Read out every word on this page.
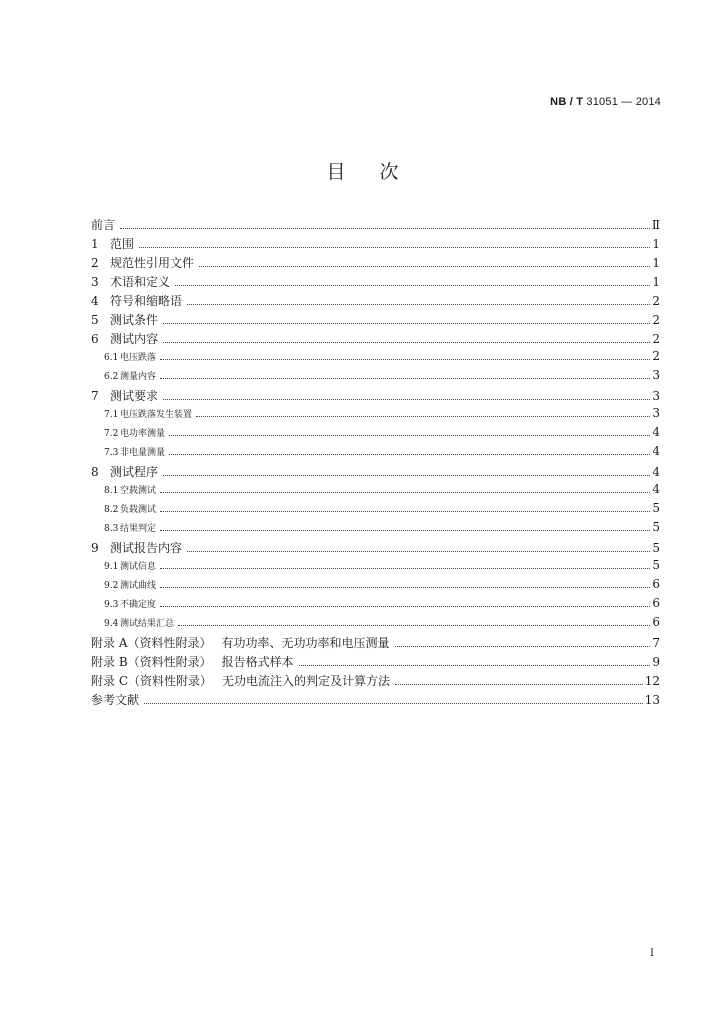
NB / T 31051 — 2014
目次
前言	Ⅱ
1 范围	1
2 规范性引用文件	1
3 术语和定义	1
4 符号和缩略语	2
5 测试条件	2
6 测试内容	2
6.1 电压跌落	2
6.2 测量内容	3
7 测试要求	3
7.1 电压跌落发生装置	3
7.2 电功率测量	4
7.3 非电量测量	4
8 测试程序	4
8.1 空载测试	4
8.2 负载测试	5
8.3 结果判定	5
9 测试报告内容	5
9.1 测试信息	5
9.2 测试曲线	6
9.3 不确定度	6
9.4 测试结果汇总	6
附录 A（资料性附录） 有功功率、无功功率和电压测量	7
附录 B（资料性附录） 报告格式样本	9
附录 C（资料性附录） 无功电流注入的判定及计算方法	12
参考文献	13
I
